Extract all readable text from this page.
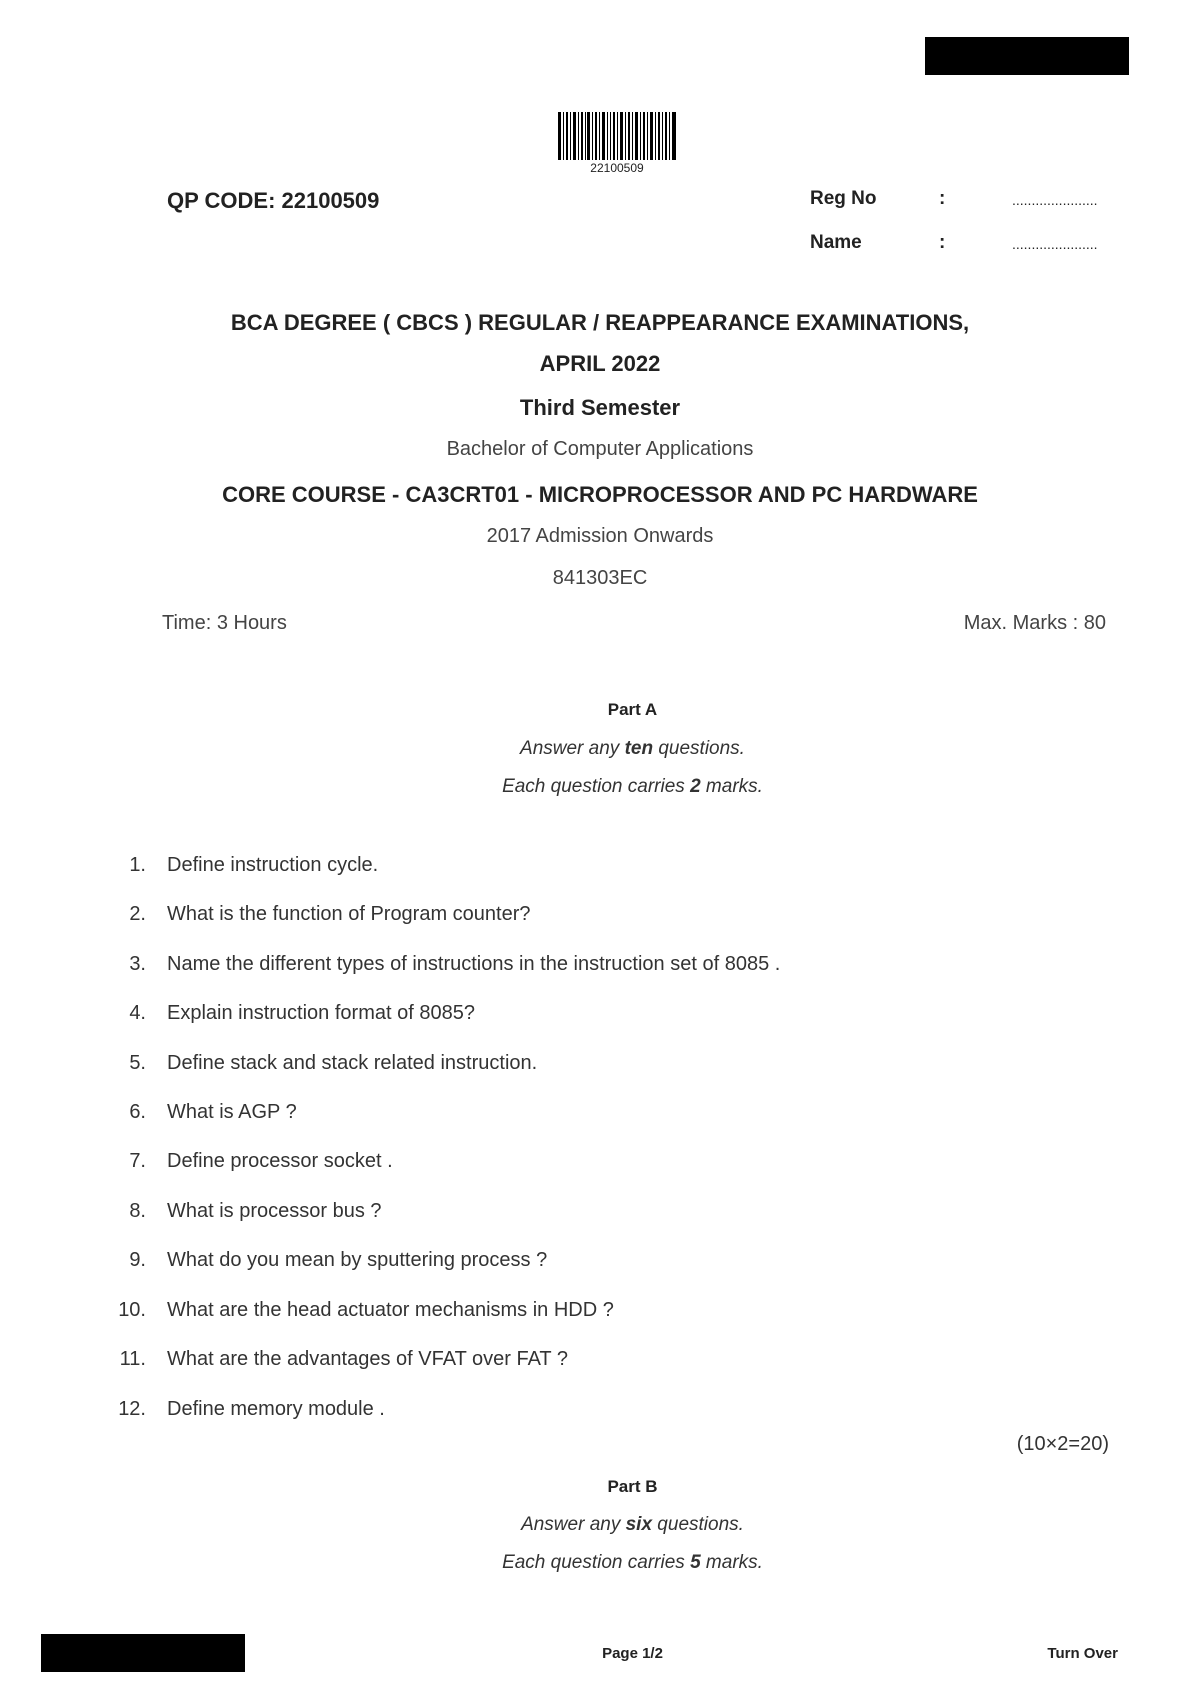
22100509
QP CODE: 22100509	Reg No	:	......................
Name	:	......................
BCA DEGREE ( CBCS ) REGULAR / REAPPEARANCE EXAMINATIONS,
APRIL 2022
Third Semester
Bachelor of Computer Applications
CORE COURSE - CA3CRT01 - MICROPROCESSOR AND PC HARDWARE
2017 Admission Onwards
841303EC
Time: 3 Hours	Max. Marks : 80
Part A
Answer any ten questions.
Each question carries 2 marks.
1. Define instruction cycle.
2. What is the function of Program counter?
3. Name the different types of instructions in the instruction set of 8085 .
4. Explain instruction format of 8085?
5. Define stack and stack related instruction.
6. What is AGP ?
7. Define processor socket .
8. What is processor bus ?
9. What do you mean by sputtering process ?
10. What are the head actuator mechanisms in HDD ?
11. What are the advantages of VFAT over FAT ?
12. Define memory module .
(10×2=20)
Part B
Answer any six questions.
Each question carries 5 marks.
Page 1/2	Turn Over
